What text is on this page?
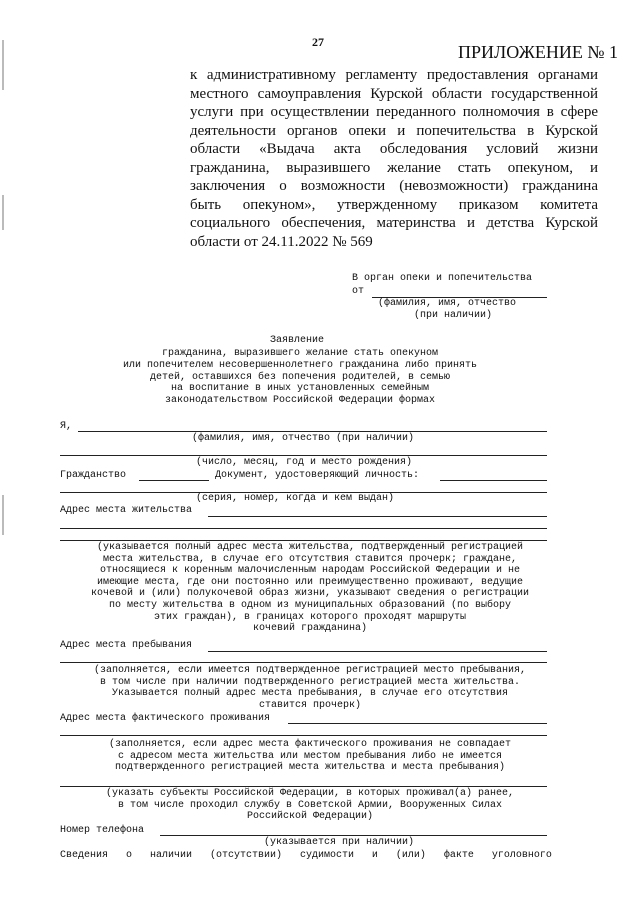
27	ПРИЛОЖЕНИЕ № 1
к административному регламенту предоставления органами
местного самоуправления Курской области государственной
услуги при осуществлении переданного полномочия в сфере
деятельности органов опеки и попечительства в Курской
области «Выдача акта обследования условий жизни
гражданина, выразившего желание стать опекуном, и
заключения о возможности (невозможности) гражданина
быть опекуном», утвержденному приказом комитета
социального обеспечения, материнства и детства Курской
области от 24.11.2022 № 569
В орган опеки и попечительства
от
(фамилия, имя, отчество
(при наличии)
Заявление
гражданина, выразившего желание стать опекуном
или попечителем несовершеннолетнего гражданина либо принять
детей, оставшихся без попечения родителей, в семью
на воспитание в иных установленных семейным
законодательством Российской Федерации формах
Я,
(фамилия, имя, отчество (при наличии)
(число, месяц, год и место рождения)
Гражданство	Документ, удостоверяющий личность:
(серия, номер, когда и кем выдан)
Адрес места жительства
(указывается полный адрес места жительства, подтвержденный регистрацией
места жительства, в случае его отсутствия ставится прочерк; граждане,
относящиеся к коренным малочисленным народам Российской Федерации и не
имеющие места, где они постоянно или преимущественно проживают, ведущие
кочевой и (или) полукочевой образ жизни, указывают сведения о регистрации
по месту жительства в одном из муниципальных образований (по выбору
этих граждан), в границах которого проходят маршруты
кочевий гражданина)
Адрес места пребывания
(заполняется, если имеется подтвержденное регистрацией место пребывания,
в том числе при наличии подтвержденного регистрацией места жительства.
Указывается полный адрес места пребывания, в случае его отсутствия
ставится прочерк)
Адрес места фактического проживания
(заполняется, если адрес места фактического проживания не совпадает
с адресом места жительства или местом пребывания либо не имеется
подтвержденного регистрацией места жительства и места пребывания)
(указать субъекты Российской Федерации, в которых проживал(а) ранее,
в том числе проходил службу в Советской Армии, Вооруженных Силах
Российской Федерации)
Номер телефона
(указывается при наличии)
Сведения о наличии (отсутствии) судимости и (или) факте уголовного
